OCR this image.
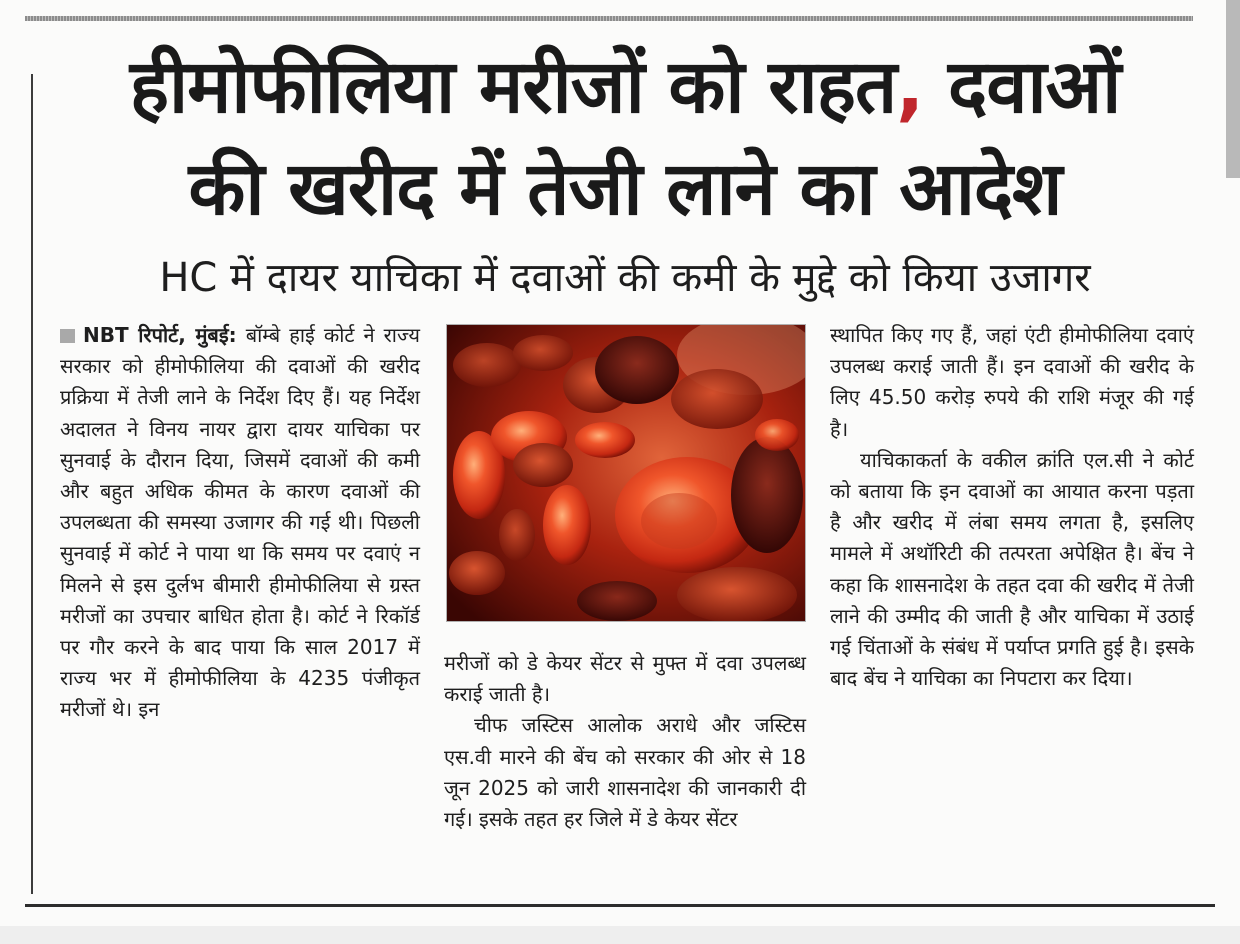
हीमोफीलिया मरीजों को राहत, दवाओं
की खरीद में तेजी लाने का आदेश
HC में दायर याचिका में दवाओं की कमी के मुद्दे को किया उजागर

NBT रिपोर्ट, मुंबई: बॉम्बे हाई कोर्ट ने राज्य सरकार को हीमोफीलिया की दवाओं की खरीद प्रक्रिया में तेजी लाने के निर्देश दिए हैं। यह निर्देश अदालत ने विनय नायर द्वारा दायर याचिका पर सुनवाई के दौरान दिया, जिसमें दवाओं की कमी और बहुत अधिक कीमत के कारण दवाओं की उपलब्धता की समस्या उजागर की गई थी। पिछली सुनवाई में कोर्ट ने पाया था कि समय पर दवाएं न मिलने से इस दुर्लभ बीमारी हीमोफीलिया से ग्रस्त मरीजों का उपचार बाधित होता है। कोर्ट ने रिकॉर्ड पर गौर करने के बाद पाया कि साल 2017 में राज्य भर में हीमोफीलिया के 4235 पंजीकृत मरीजों थे। इन

मरीजों को डे केयर सेंटर से मुफ्त में दवा उपलब्ध कराई जाती है।

चीफ जस्टिस आलोक अराधे और जस्टिस एस.वी मारने की बेंच को सरकार की ओर से 18 जून 2025 को जारी शासनादेश की जानकारी दी गई। इसके तहत हर जिले में डे केयर सेंटर

स्थापित किए गए हैं, जहां एंटी हीमोफीलिया दवाएं उपलब्ध कराई जाती हैं। इन दवाओं की खरीद के लिए 45.50 करोड़ रुपये की राशि मंजूर की गई है।

याचिकाकर्ता के वकील क्रांति एल.सी ने कोर्ट को बताया कि इन दवाओं का आयात करना पड़ता है और खरीद में लंबा समय लगता है, इसलिए मामले में अथॉरिटी की तत्परता अपेक्षित है। बेंच ने कहा कि शासनादेश के तहत दवा की खरीद में तेजी लाने की उम्मीद की जाती है और याचिका में उठाई गई चिंताओं के संबंध में पर्याप्त प्रगति हुई है। इसके बाद बेंच ने याचिका का निपटारा कर दिया।
